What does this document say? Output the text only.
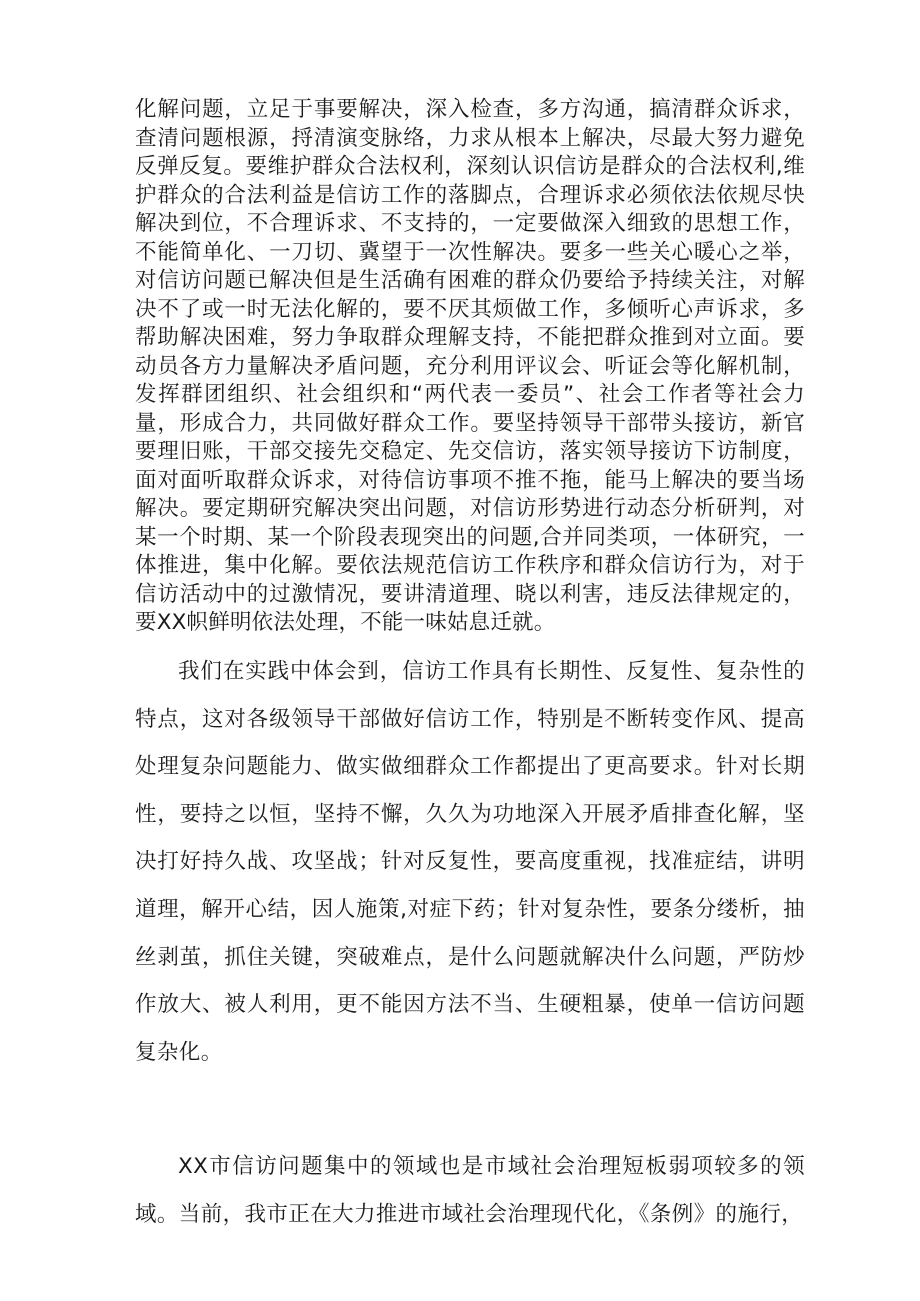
化解问题，立足于事要解决，深入检查，多方沟通，搞清群众诉求，查清问题根源，捋清演变脉络，力求从根本上解决，尽最大努力避免反弹反复。要维护群众合法权利，深刻认识信访是群众的合法权利,维护群众的合法利益是信访工作的落脚点，合理诉求必须依法依规尽快解决到位，不合理诉求、不支持的，一定要做深入细致的思想工作，不能简单化、一刀切、冀望于一次性解决。要多一些关心暖心之举，对信访问题已解决但是生活确有困难的群众仍要给予持续关注，对解决不了或一时无法化解的，要不厌其烦做工作，多倾听心声诉求，多帮助解决困难，努力争取群众理解支持，不能把群众推到对立面。要动员各方力量解决矛盾问题，充分利用评议会、听证会等化解机制，发挥群团组织、社会组织和“两代表一委员”、社会工作者等社会力量，形成合力，共同做好群众工作。要坚持领导干部带头接访，新官要理旧账，干部交接先交稳定、先交信访，落实领导接访下访制度，面对面听取群众诉求，对待信访事项不推不拖，能马上解决的要当场解决。要定期研究解决突出问题，对信访形势进行动态分析研判，对某一个时期、某一个阶段表现突出的问题,合并同类项，一体研究，一体推进，集中化解。要依法规范信访工作秩序和群众信访行为，对于信访活动中的过激情况，要讲清道理、晓以利害，违反法律规定的，要XX帜鲜明依法处理，不能一味姑息迁就。

我们在实践中体会到，信访工作具有长期性、反复性、复杂性的特点，这对各级领导干部做好信访工作，特别是不断转变作风、提高处理复杂问题能力、做实做细群众工作都提出了更高要求。针对长期性，要持之以恒，坚持不懈，久久为功地深入开展矛盾排查化解，坚决打好持久战、攻坚战；针对反复性，要高度重视，找准症结，讲明道理，解开心结，因人施策,对症下药；针对复杂性，要条分缕析，抽丝剥茧，抓住关键，突破难点，是什么问题就解决什么问题，严防炒作放大、被人利用，更不能因方法不当、生硬粗暴，使单一信访问题复杂化。

XX市信访问题集中的领域也是市域社会治理短板弱项较多的领域。当前，我市正在大力推进市域社会治理现代化，《条例》的施行，
